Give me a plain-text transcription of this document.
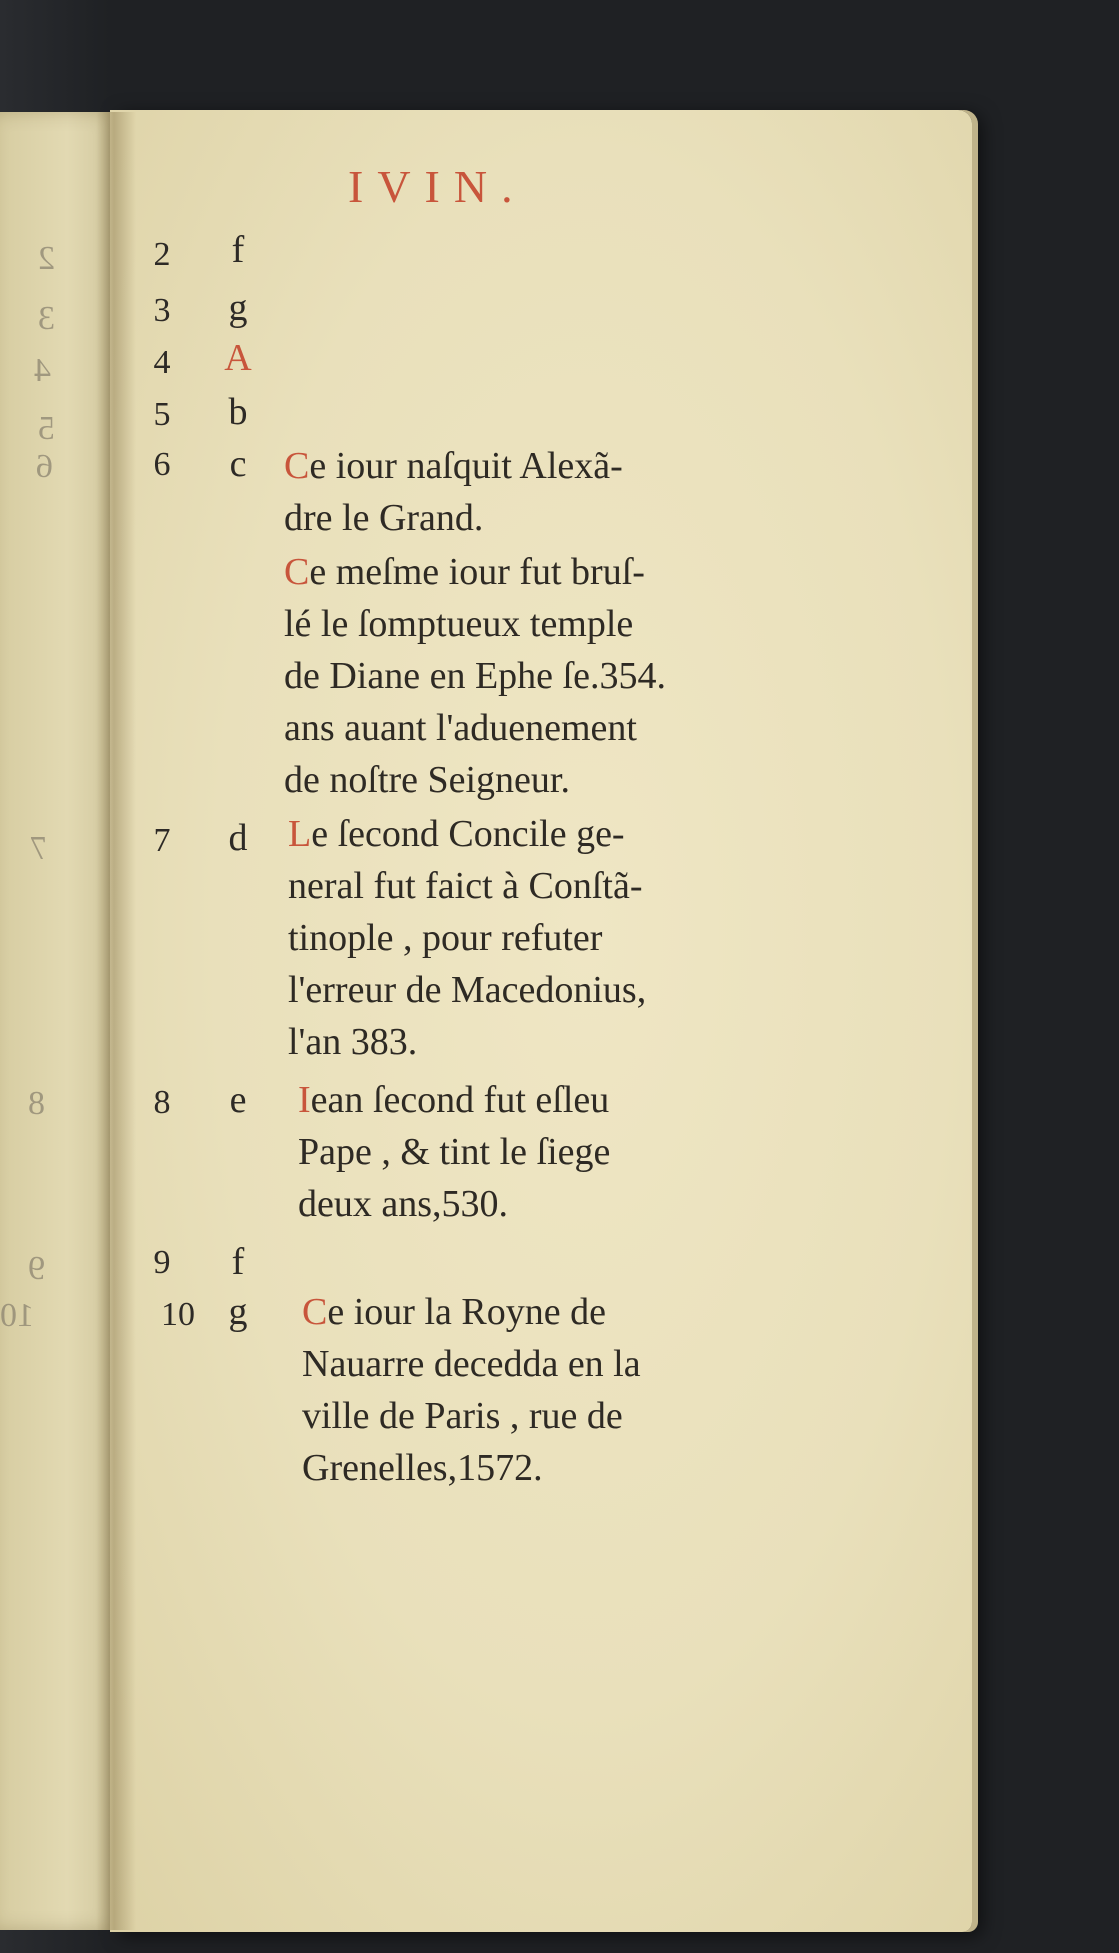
2
3
4
5
6
7
8
9
10
IVIN.
2
3
4
5
6
7
8
9
10
f
g
A
b
c
d
e
f
g
Ce iour naſquit Alexã-
dre le Grand.
Ce meſme iour fut bruſ-
lé le ſomptueux temple
de Diane en Ephe ſe.354.
ans auant l'aduenement
de noſtre Seigneur.
Le ſecond Concile ge-
neral fut faict à Conſtã-
tinople , pour refuter
l'erreur de Macedonius,
l'an 383.
Iean ſecond fut eſleu
Pape , & tint le ſiege
deux ans,530.
Ce iour la Royne de
Nauarre decedda en la
ville de Paris , rue de
Grenelles,1572.
